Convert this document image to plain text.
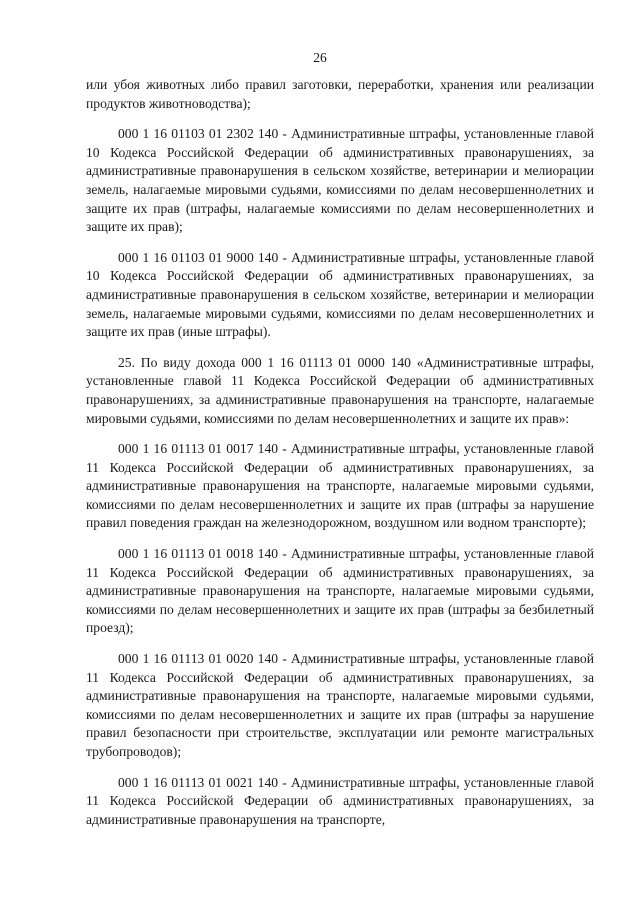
26

или убоя животных либо правил заготовки, переработки, хранения или реализации продуктов животноводства);

000 1 16 01103 01 2302 140 - Административные штрафы, установленные главой 10 Кодекса Российской Федерации об административных правонарушениях, за административные правонарушения в сельском хозяйстве, ветеринарии и мелиорации земель, налагаемые мировыми судьями, комиссиями по делам несовершеннолетних и защите их прав (штрафы, налагаемые комиссиями по делам несовершеннолетних и защите их прав);

000 1 16 01103 01 9000 140 - Административные штрафы, установленные главой 10 Кодекса Российской Федерации об административных правонарушениях, за административные правонарушения в сельском хозяйстве, ветеринарии и мелиорации земель, налагаемые мировыми судьями, комиссиями по делам несовершеннолетних и защите их прав (иные штрафы).

25. По виду дохода 000 1 16 01113 01 0000 140 «Административные штрафы, установленные главой 11 Кодекса Российской Федерации об административных правонарушениях, за административные правонарушения на транспорте, налагаемые мировыми судьями, комиссиями по делам несовершеннолетних и защите их прав»:

000 1 16 01113 01 0017 140 - Административные штрафы, установленные главой 11 Кодекса Российской Федерации об административных правонарушениях, за административные правонарушения на транспорте, налагаемые мировыми судьями, комиссиями по делам несовершеннолетних и защите их прав (штрафы за нарушение правил поведения граждан на железнодорожном, воздушном или водном транспорте);

000 1 16 01113 01 0018 140 - Административные штрафы, установленные главой 11 Кодекса Российской Федерации об административных правонарушениях, за административные правонарушения на транспорте, налагаемые мировыми судьями, комиссиями по делам несовершеннолетних и защите их прав (штрафы за безбилетный проезд);

000 1 16 01113 01 0020 140 - Административные штрафы, установленные главой 11 Кодекса Российской Федерации об административных правонарушениях, за административные правонарушения на транспорте, налагаемые мировыми судьями, комиссиями по делам несовершеннолетних и защите их прав (штрафы за нарушение правил безопасности при строительстве, эксплуатации или ремонте магистральных трубопроводов);

000 1 16 01113 01 0021 140 - Административные штрафы, установленные главой 11 Кодекса Российской Федерации об административных правонарушениях, за административные правонарушения на транспорте,
